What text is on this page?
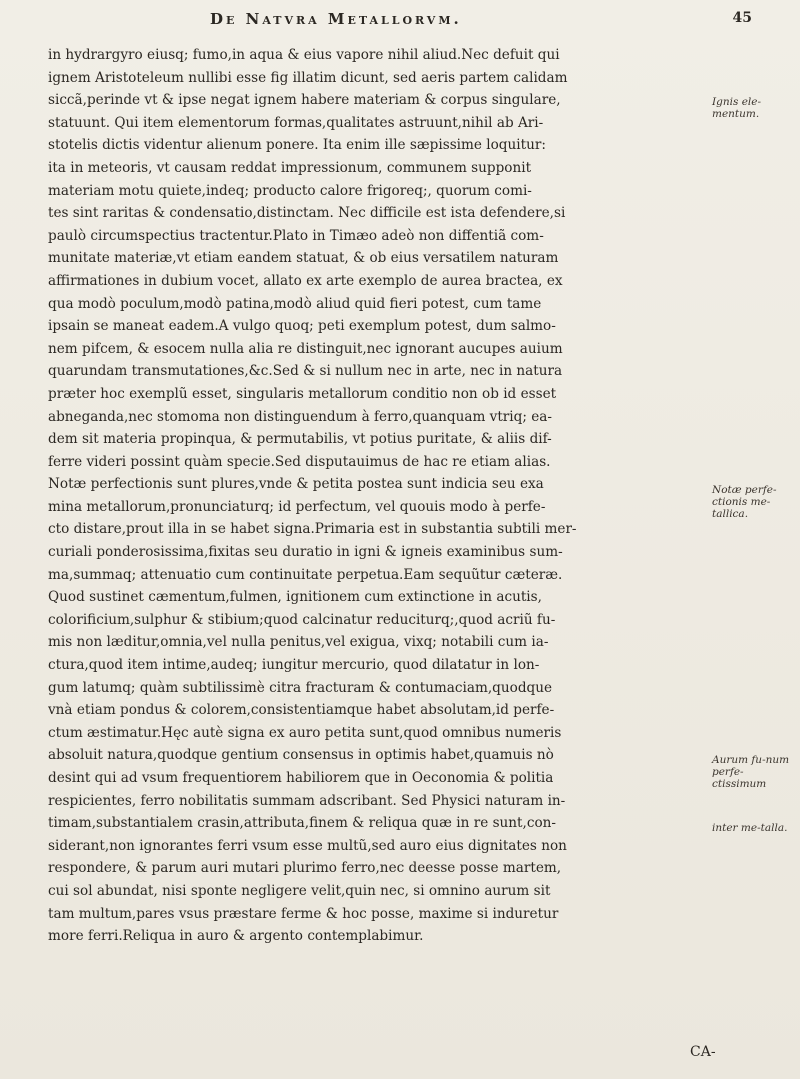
De Natvra Metallorvm.	45
in hydrargyro eiusq; fumo,in aqua & eius vapore nihil aliud.Nec defuit qui
ignem Aristoteleum nullibi esse fig illatim dicunt, sed aeris partem calidam
siccã,perinde vt & ipse negat ignem habere materiam & corpus singulare,
statuunt. Qui item elementorum formas,qualitates astruunt,nihil ab Ari-
stotelis dictis videntur alienum ponere. Ita enim ille sæpissime loquitur:
ita in meteoris, vt causam reddat impressionum, communem supponit
materiam motu quiete,indeq; producto calore frigoreq;, quorum comi-
tes sint raritas & condensatio,distinctam. Nec difficile est ista defendere,si
paulò circumspectius tractentur.Plato in Timæo adeò non diffentiã com-
munitate materiæ,vt etiam eandem statuat, & ob eius versatilem naturam
affirmationes in dubium vocet, allato ex arte exemplo de aurea bractea, ex
qua modò poculum,modò patina,modò aliud quid fieri potest, cum tame
ipsain se maneat eadem.A vulgo quoq; peti exemplum potest, dum salmo-
nem pifcem, & esocem nulla alia re distinguit,nec ignorant aucupes auium
quarundam transmutationes,&c.Sed & si nullum nec in arte, nec in natura
præter hoc exemplũ esset, singularis metallorum conditio non ob id esset
abneganda,nec stomoma non distinguendum à ferro,quanquam vtriq; ea-
dem sit materia propinqua, & permutabilis, vt potius puritate, & aliis dif-
ferre videri possint quàm specie.Sed disputauimus de hac re etiam alias.
Notæ perfectionis sunt plures,vnde & petita postea sunt indicia seu exa
mina metallorum,pronunciaturq; id perfectum, vel quouis modo à perfe-
cto distare,prout illa in se habet signa.Primaria est in substantia subtili mer-
curiali ponderosissima,fixitas seu duratio in igni & igneis examinibus sum-
ma,summaq; attenuatio cum continuitate perpetua.Eam sequũtur cæteræ.
Quod sustinet cæmentum,fulmen, ignitionem cum extinctione in acutis,
colorificium,sulphur & stibium;quod calcinatur reduciturq;,quod acriũ fu-
mis non læditur,omnia,vel nulla penitus,vel exigua, vixq; notabili cum ia-
ctura,quod item intime,audeq; iungitur mercurio, quod dilatatur in lon-
gum latumq; quàm subtilissimè citra fracturam & contumaciam,quodque
vnà etiam pondus & colorem,consistentiamque habet absolutam,id perfe-
ctum æstimatur.Hęc autè signa ex auro petita sunt,quod omnibus numeris
absoluit natura,quodque gentium consensus in optimis habet,quamuis nò
desint qui ad vsum frequentiorem habiliorem que in Oeconomia & politia
respicientes, ferro nobilitatis summam adscribant. Sed Physici naturam in-
timam,substantialem crasin,attributa,finem & reliqua quæ in re sunt,con-
siderant,non ignorantes ferri vsum esse multũ,sed auro eius dignitates non
respondere, & parum auri mutari plurimo ferro,nec deesse posse martem,
cui sol abundat, nisi sponte negligere velit,quin nec, si omnino aurum sit
tam multum,pares vsus præstare ferme & hoc posse, maxime si induretur
more ferri.Reliqua in auro & argento contemplabimur.
Ignis ele-mentum.
Notæ perfe-ctionis me-tallica.
Aurum fu-num perfe-ctissimum
inter me-talla.
CA-
